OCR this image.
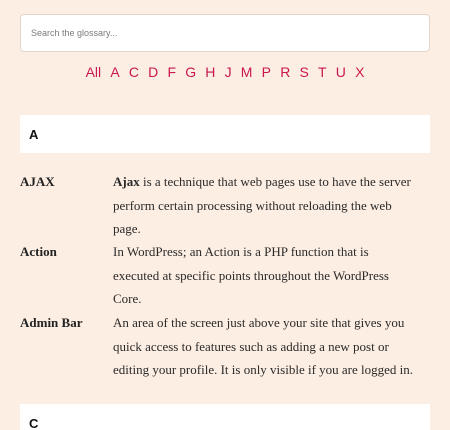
Search the glossary...
All A C D F G H J M P R S T U X
A
AJAX	Ajax is a technique that web pages use to have the server perform certain processing without reloading the web page.
Action	In WordPress; an Action is a PHP function that is executed at specific points throughout the WordPress Core.
Admin Bar	An area of the screen just above your site that gives you quick access to features such as adding a new post or editing your profile. It is only visible if you are logged in.
C
